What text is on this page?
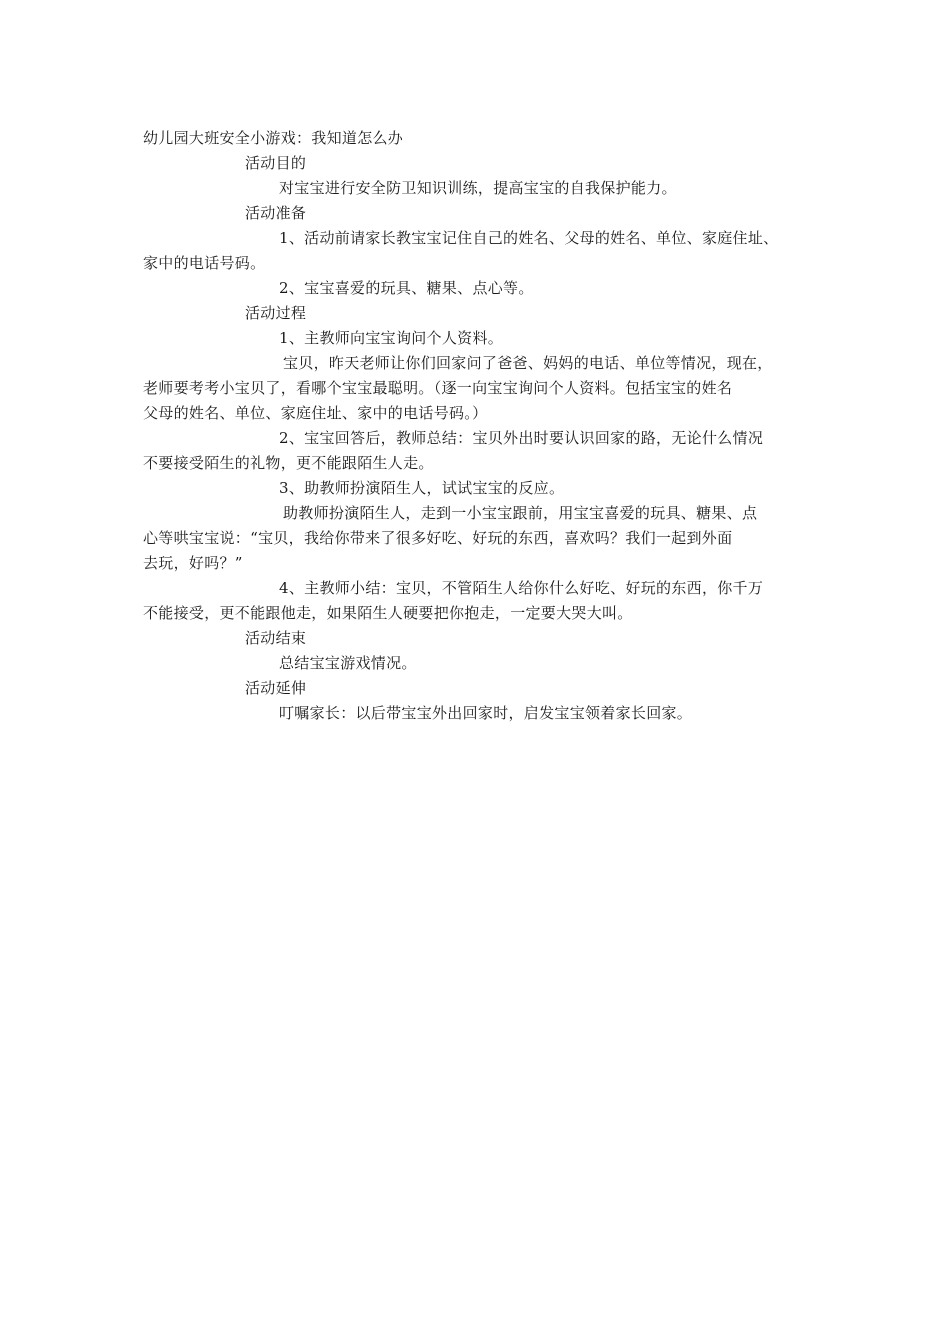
幼儿园大班安全小游戏：我知道怎么办
活动目的
对宝宝进行安全防卫知识训练，提高宝宝的自我保护能力。
活动准备
1、活动前请家长教宝宝记住自己的姓名、父母的姓名、单位、家庭住址、
家中的电话号码。
2、宝宝喜爱的玩具、糖果、点心等。
活动过程
1、主教师向宝宝询问个人资料。
宝贝，昨天老师让你们回家问了爸爸、妈妈的电话、单位等情况，现在，
老师要考考小宝贝了，看哪个宝宝最聪明。（逐一向宝宝询问个人资料。包括宝宝的姓名
父母的姓名、单位、家庭住址、家中的电话号码。）
2、宝宝回答后，教师总结：宝贝外出时要认识回家的路，无论什么情况
不要接受陌生的礼物，更不能跟陌生人走。
3、助教师扮演陌生人，试试宝宝的反应。
助教师扮演陌生人，走到一小宝宝跟前，用宝宝喜爱的玩具、糖果、点
心等哄宝宝说：“宝贝，我给你带来了很多好吃、好玩的东西，喜欢吗？我们一起到外面
去玩，好吗？”
4、主教师小结：宝贝，不管陌生人给你什么好吃、好玩的东西，你千万
不能接受，更不能跟他走，如果陌生人硬要把你抱走，一定要大哭大叫。
活动结束
总结宝宝游戏情况。
活动延伸
叮嘱家长：以后带宝宝外出回家时，启发宝宝领着家长回家。
